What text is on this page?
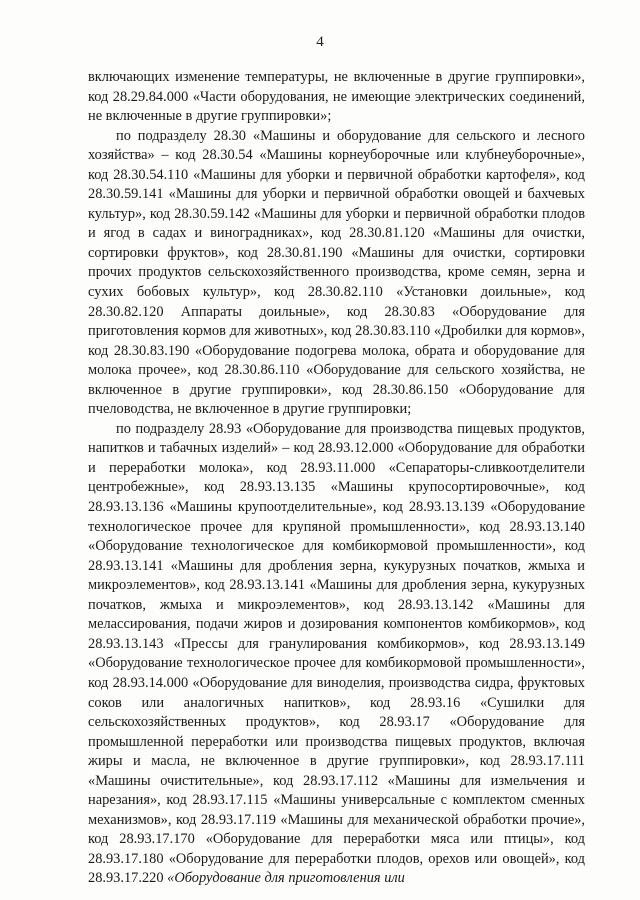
4

включающих изменение температуры, не включенные в другие группировки», код 28.29.84.000 «Части оборудования, не имеющие электрических соединений, не включенные в другие группировки»;

по подразделу 28.30 «Машины и оборудование для сельского и лесного хозяйства» – код 28.30.54 «Машины корнеуборочные или клубнеуборочные», код 28.30.54.110 «Машины для уборки и первичной обработки картофеля», код 28.30.59.141 «Машины для уборки и первичной обработки овощей и бахчевых культур», код 28.30.59.142 «Машины для уборки и первичной обработки плодов и ягод в садах и виноградниках», код 28.30.81.120 «Машины для очистки, сортировки фруктов», код 28.30.81.190 «Машины для очистки, сортировки прочих продуктов сельскохозяйственного производства, кроме семян, зерна и сухих бобовых культур», код 28.30.82.110 «Установки доильные», код 28.30.82.120 Аппараты доильные», код 28.30.83 «Оборудование для приготовления кормов для животных», код 28.30.83.110 «Дробилки для кормов», код 28.30.83.190 «Оборудование подогрева молока, обрата и оборудование для молока прочее», код 28.30.86.110 «Оборудование для сельского хозяйства, не включенное в другие группировки», код 28.30.86.150 «Оборудование для пчеловодства, не включенное в другие группировки;

по подразделу 28.93 «Оборудование для производства пищевых продуктов, напитков и табачных изделий» – код 28.93.12.000 «Оборудование для обработки и переработки молока», код 28.93.11.000 «Сепараторы-сливкоотделители центробежные», код 28.93.13.135 «Машины крупосортировочные», код 28.93.13.136 «Машины крупоотделительные», код 28.93.13.139 «Оборудование технологическое прочее для крупяной промышленности», код 28.93.13.140 «Оборудование технологическое для комбикормовой промышленности», код 28.93.13.141 «Машины для дробления зерна, кукурузных початков, жмыха и микроэлементов», код 28.93.13.141 «Машины для дробления зерна, кукурузных початков, жмыха и микроэлементов», код 28.93.13.142 «Машины для мелассирования, подачи жиров и дозирования компонентов комбикормов», код 28.93.13.143 «Прессы для гранулирования комбикормов», код 28.93.13.149 «Оборудование технологическое прочее для комбикормовой промышленности», код 28.93.14.000 «Оборудование для виноделия, производства сидра, фруктовых соков или аналогичных напитков», код 28.93.16 «Сушилки для сельскохозяйственных продуктов», код 28.93.17 «Оборудование для промышленной переработки или производства пищевых продуктов, включая жиры и масла, не включенное в другие группировки», код 28.93.17.111 «Машины очистительные», код 28.93.17.112 «Машины для измельчения и нарезания», код 28.93.17.115 «Машины универсальные с комплектом сменных механизмов», код 28.93.17.119 «Машины для механической обработки прочие», код 28.93.17.170 «Оборудование для переработки мяса или птицы», код 28.93.17.180 «Оборудование для переработки плодов, орехов или овощей», код 28.93.17.220 «Оборудование для приготовления или
